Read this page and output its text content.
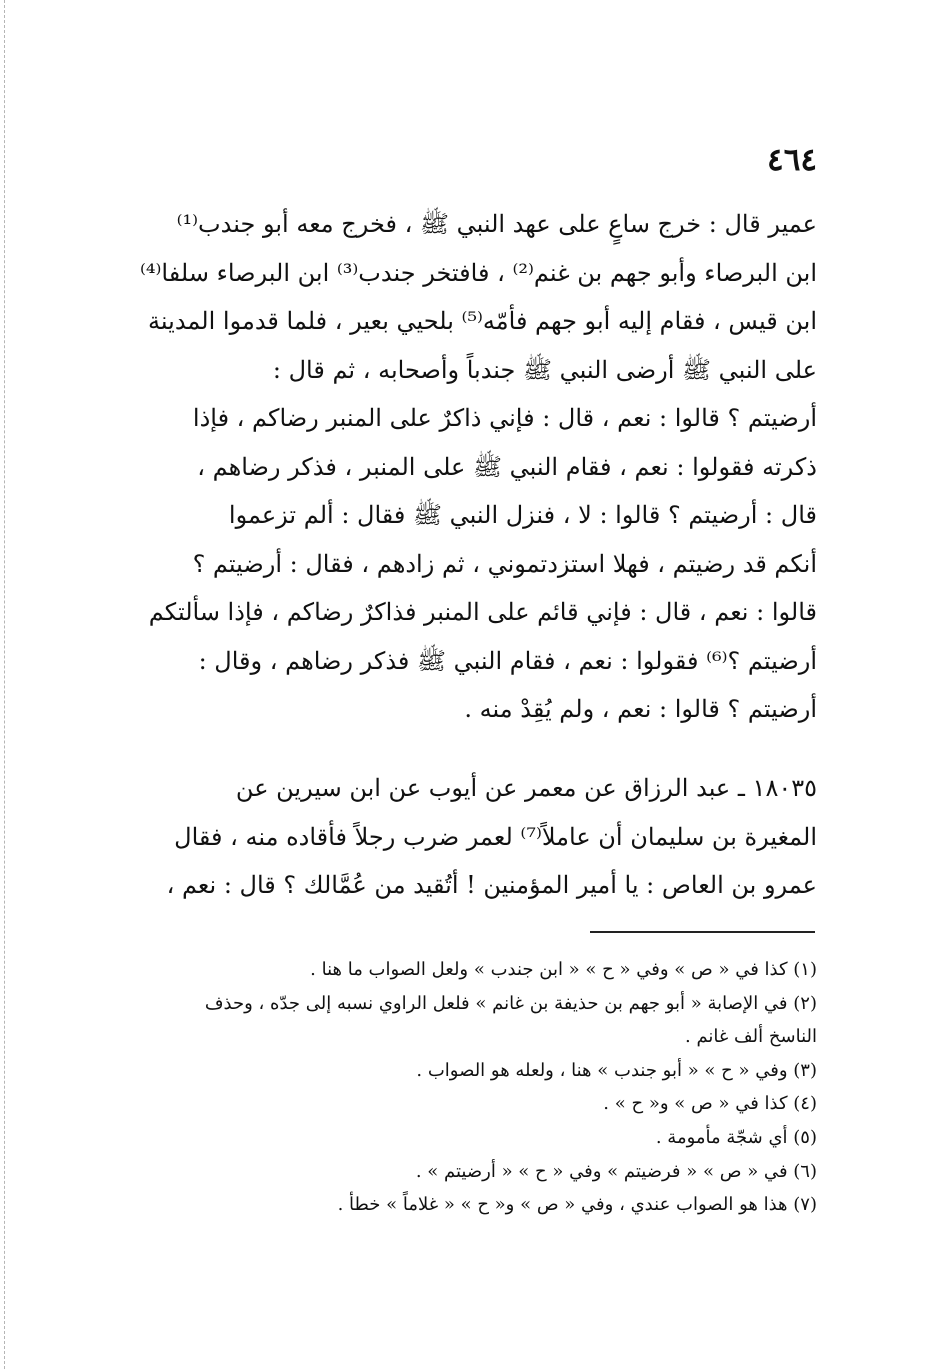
٤٦٤
عمير قال : خرج ساعٍ على عهد النبي ﷺ ، فخرج معه أبو جندب⁽¹⁾
ابن البرصاء وأبو جهم بن غنم⁽²⁾ ، فافتخر جندب⁽³⁾ ابن البرصاء سلفا⁽⁴⁾
ابن قيس ، فقام إليه أبو جهم فأمّه⁽⁵⁾ بلحيي بعير ، فلما قدموا المدينة
على النبي ﷺ أرضى النبي ﷺ جندباً وأصحابه ، ثم قال :
أرضيتم ؟ قالوا : نعم ، قال : فإني ذاكرٌ على المنبر رضاكم ، فإذا
ذكرته فقولوا : نعم ، فقام النبي ﷺ على المنبر ، فذكر رضاهم ،
قال : أرضيتم ؟ قالوا : لا ، فنزل النبي ﷺ فقال : ألم تزعموا
أنكم قد رضيتم ، فهلا استزدتموني ، ثم زادهم ، فقال : أرضيتم ؟
قالوا : نعم ، قال : فإني قائم على المنبر فذاكرٌ رضاكم ، فإذا سألتكم
أرضيتم ؟⁽⁶⁾ فقولوا : نعم ، فقام النبي ﷺ فذكر رضاهم ، وقال :
أرضيتم ؟ قالوا : نعم ، ولم يُقِدْ منه .
١٨٠٣٥ ـ عبد الرزاق عن معمر عن أيوب عن ابن سيرين عن
المغيرة بن سليمان أن عاملاً⁽⁷⁾ لعمر ضرب رجلاً فأقاده منه ، فقال
عمرو بن العاص : يا أمير المؤمنين ! أتُقيد من عُمَّالك ؟ قال : نعم ،
(١) كذا في « ص » وفي « ح » « ابن جندب » ولعل الصواب ما هنا .
(٢) في الإصابة « أبو جهم بن حذيفة بن غانم » فلعل الراوي نسبه إلى جدّه ، وحذف
الناسخ ألف غانم .
(٣) وفي « ح » « أبو جندب » هنا ، ولعله هو الصواب .
(٤) كذا في « ص » و« ح » .
(٥) أي شجّة مأمومة .
(٦) في « ص » « فرضيتم » وفي « ح » « أرضيتم » .
(٧) هذا هو الصواب عندي ، وفي « ص » و« ح » « غلاماً » خطأ .
